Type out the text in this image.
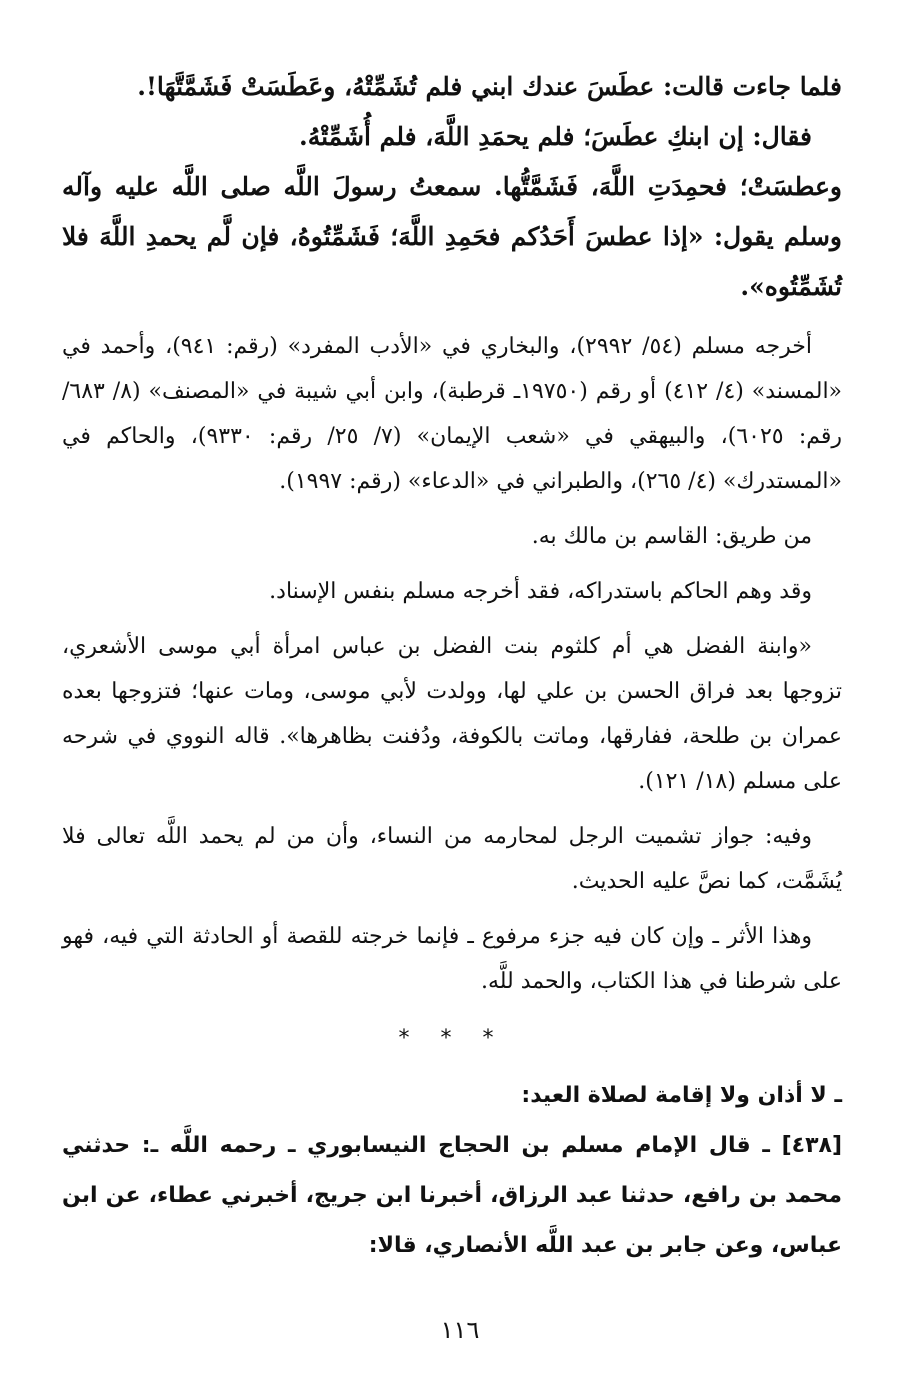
فلما جاءت قالت: عطَسَ عندك ابني فلم تُشَمِّتْهُ، وعَطَسَتْ فَشَمَّتَّهَا!.

فقال: إن ابنكِ عطَسَ؛ فلم يحمَدِ اللَّهَ، فلم أُشَمِّتْهُ.

وعطسَتْ؛ فحمِدَتِ اللَّهَ، فَشَمَّتُّها. سمعتُ رسولَ اللَّه صلى اللَّه عليه وآله وسلم يقول: «إذا عطسَ أَحَدُكم فحَمِدِ اللَّهَ؛ فَشَمِّتُوهُ، فإن لَّم يحمدِ اللَّهَ فلا تُشَمِّتُوه».

أخرجه مسلم (٥٤/ ٢٩٩٢)، والبخاري في «الأدب المفرد» (رقم: ٩٤١)، وأحمد في «المسند» (٤/ ٤١٢) أو رقم (١٩٧٥٠ـ قرطبة)، وابن أبي شيبة في «المصنف» (٨/ ٦٨٣/رقم: ٦٠٢٥)، والبيهقي في «شعب الإيمان» (٧/ ٢٥/ رقم: ٩٣٣٠)، والحاكم في «المستدرك» (٤/ ٢٦٥)، والطبراني في «الدعاء» (رقم: ١٩٩٧).

من طريق: القاسم بن مالك به.

وقد وهم الحاكم باستدراكه، فقد أخرجه مسلم بنفس الإسناد.

«وابنة الفضل هي أم كلثوم بنت الفضل بن عباس امرأة أبي موسى الأشعري، تزوجها بعد فراق الحسن بن علي لها، وولدت لأبي موسى، ومات عنها؛ فتزوجها بعده عمران بن طلحة، ففارقها، وماتت بالكوفة، ودُفنت بظاهرها». قاله النووي في شرحه على مسلم (١٨/ ١٢١).

وفيه: جواز تشميت الرجل لمحارمه من النساء، وأن من لم يحمد اللَّه تعالى فلا يُشَمَّت، كما نصَّ عليه الحديث.

وهذا الأثر ـ وإن كان فيه جزء مرفوع ـ فإنما خرجته للقصة أو الحادثة التي فيه، فهو على شرطنا في هذا الكتاب، والحمد للَّه.

* * *

ـ لا أذان ولا إقامة لصلاة العيد:

[٤٣٨] ـ قال الإمام مسلم بن الحجاج النيسابوري ـ رحمه اللَّه ـ: حدثني محمد بن رافع، حدثنا عبد الرزاق، أخبرنا ابن جريج، أخبرني عطاء، عن ابن عباس، وعن جابر بن عبد اللَّه الأنصاري، قالا:

١١٦
